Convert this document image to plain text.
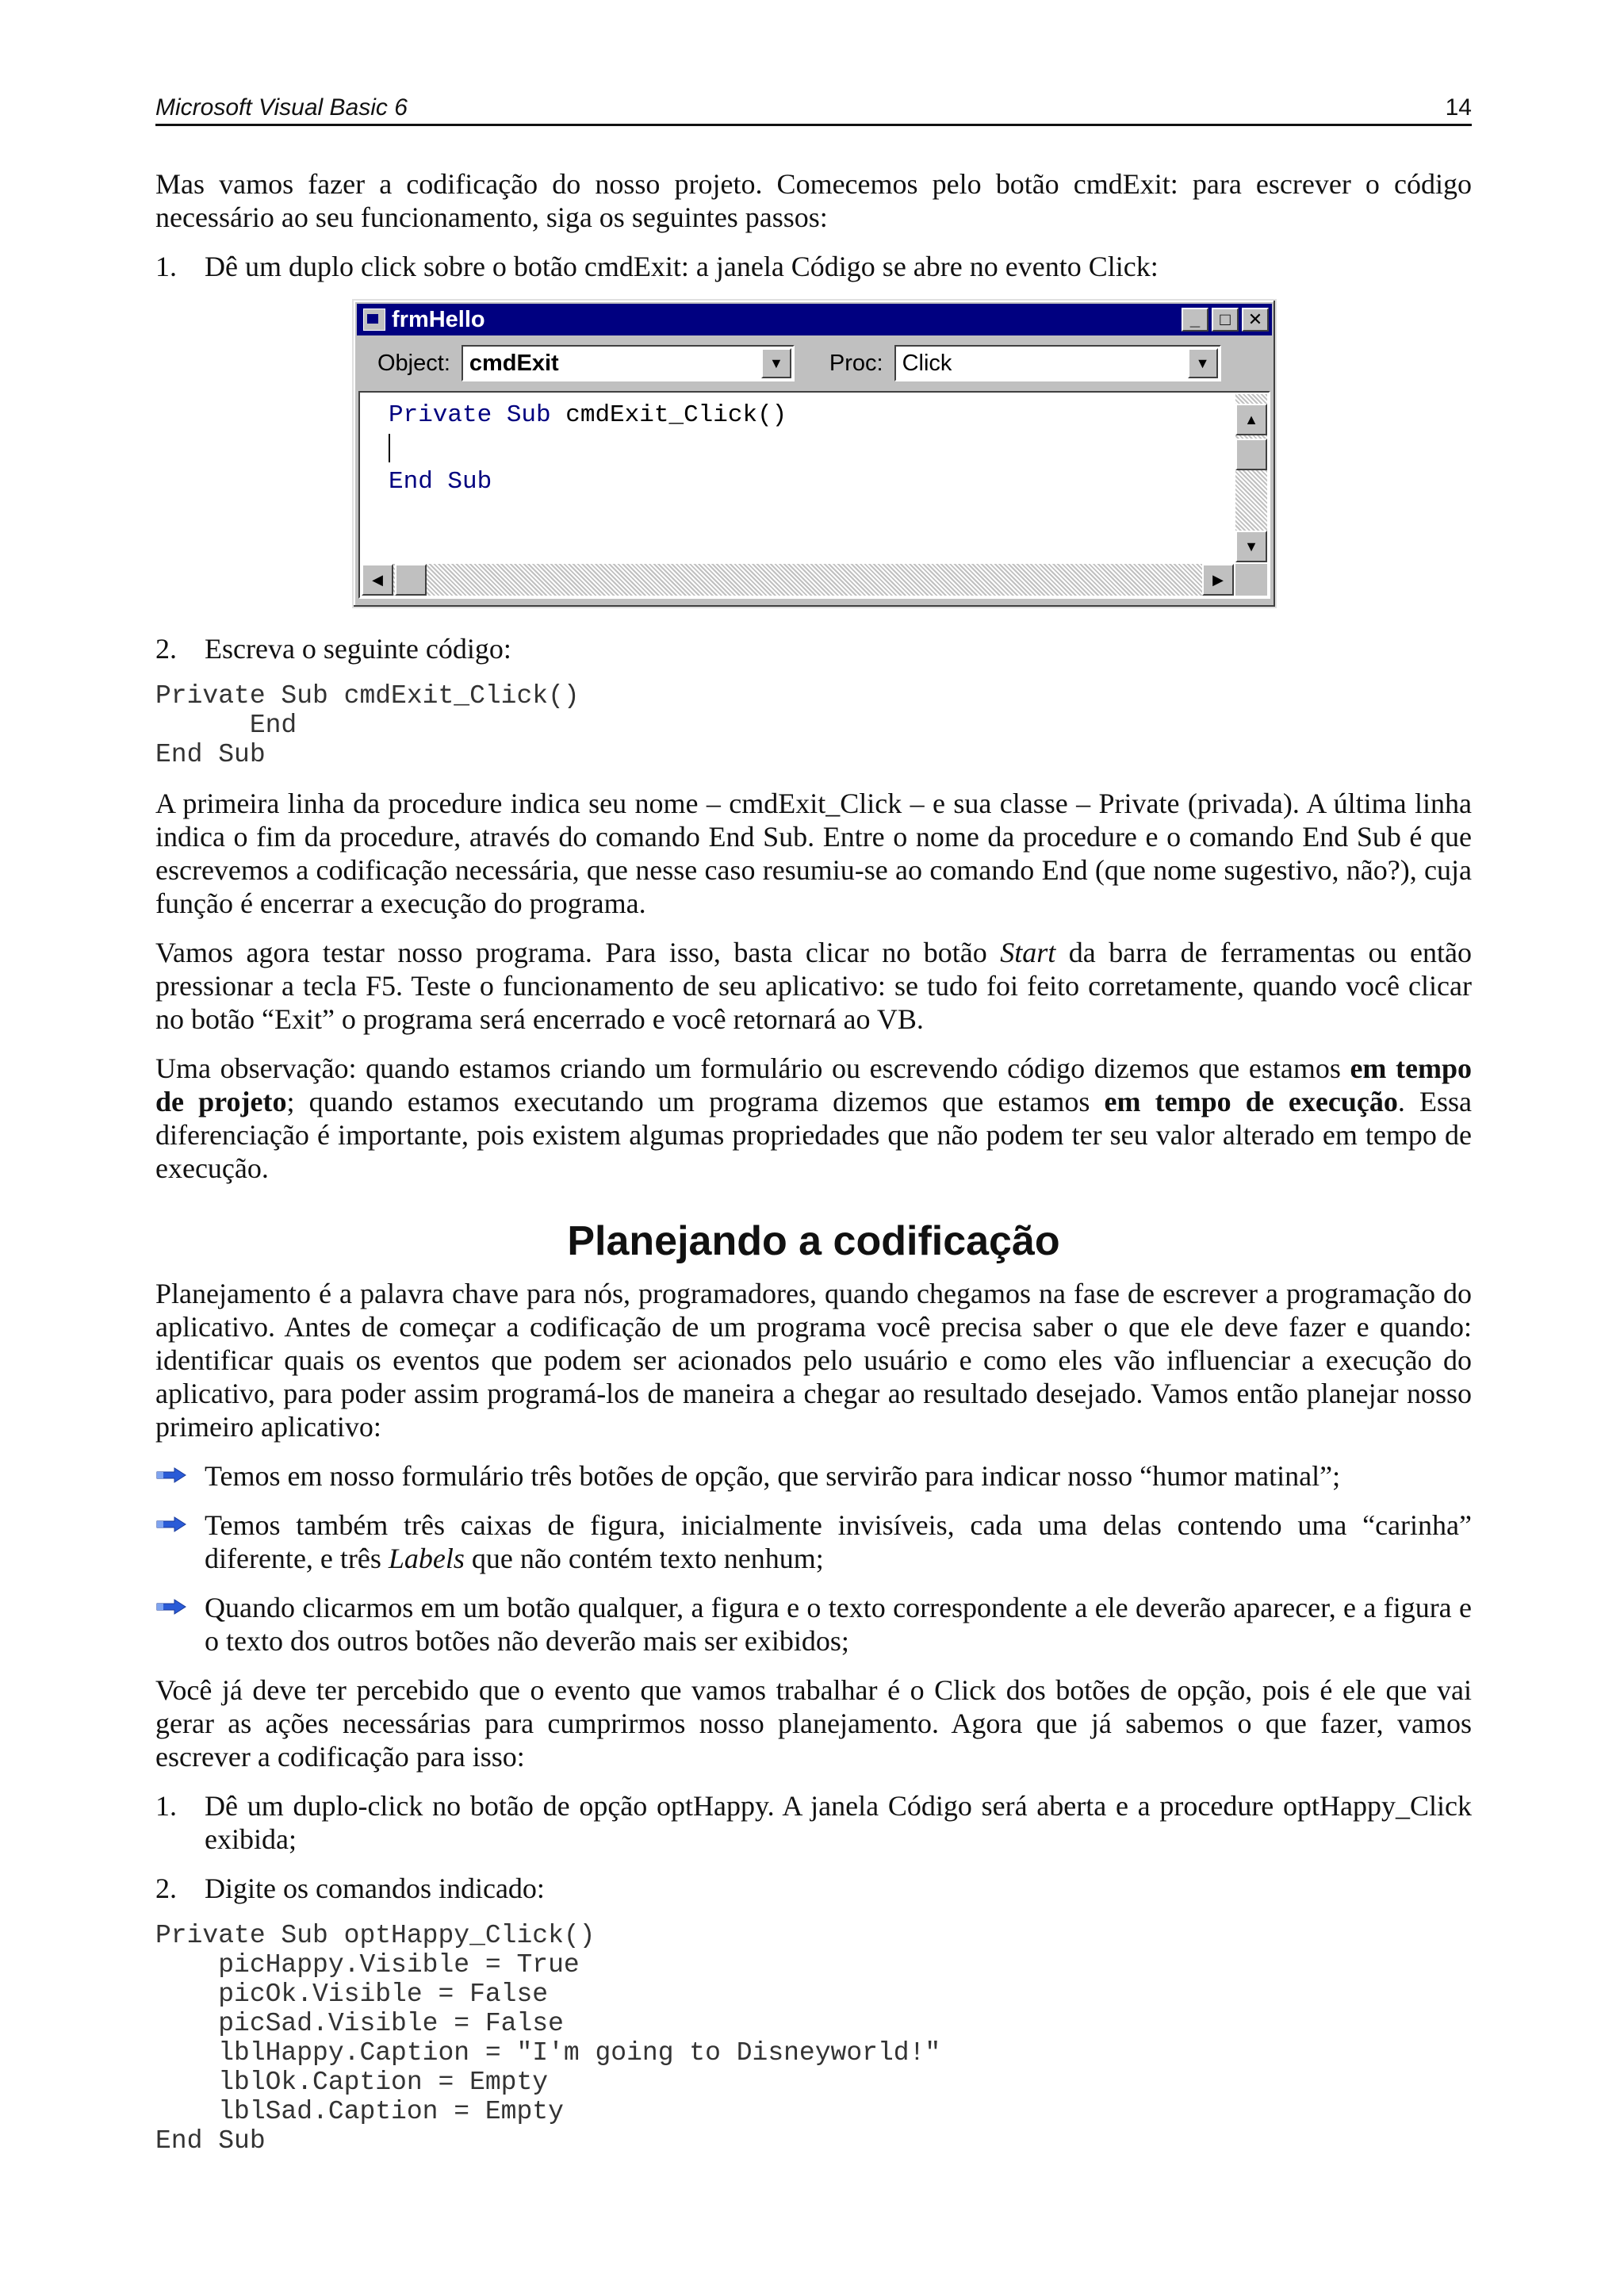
Microsoft Visual Basic 6	14

Mas vamos fazer a codificação do nosso projeto. Comecemos pelo botão cmdExit: para escrever o código necessário ao seu funcionamento, siga os seguintes passos:

1. Dê um duplo click sobre o botão cmdExit: a janela Código se abre no evento Click:
frmHello	_	□	✕
Object: cmdExit	▼	Proc: Click	▼
Private Sub cmdExit_Click()

End Sub
▲
▼
◀	▶
2. Escreva o seguinte código:
Private Sub cmdExit_Click()
End
End Sub

A primeira linha da procedure indica seu nome – cmdExit_Click – e sua classe – Private (privada). A última linha indica o fim da procedure, através do comando End Sub. Entre o nome da procedure e o comando End Sub é que escrevemos a codificação necessária, que nesse caso resumiu-se ao comando End (que nome sugestivo, não?), cuja função é encerrar a execução do programa.

Vamos agora testar nosso programa. Para isso, basta clicar no botão Start da barra de ferramentas ou então pressionar a tecla F5. Teste o funcionamento de seu aplicativo: se tudo foi feito corretamente, quando você clicar no botão “Exit” o programa será encerrado e você retornará ao VB.

Uma observação: quando estamos criando um formulário ou escrevendo código dizemos que estamos em tempo de projeto; quando estamos executando um programa dizemos que estamos em tempo de execução. Essa diferenciação é importante, pois existem algumas propriedades que não podem ter seu valor alterado em tempo de execução.

Planejando a codificação

Planejamento é a palavra chave para nós, programadores, quando chegamos na fase de escrever a programação do aplicativo. Antes de começar a codificação de um programa você precisa saber o que ele deve fazer e quando: identificar quais os eventos que podem ser acionados pelo usuário e como eles vão influenciar a execução do aplicativo, para poder assim programá-los de maneira a chegar ao resultado desejado. Vamos então planejar nosso primeiro aplicativo:

Temos em nosso formulário três botões de opção, que servirão para indicar nosso “humor matinal”;
Temos também três caixas de figura, inicialmente invisíveis, cada uma delas contendo uma “carinha” diferente, e três Labels que não contém texto nenhum;
Quando clicarmos em um botão qualquer, a figura e o texto correspondente a ele deverão aparecer, e a figura e o texto dos outros botões não deverão mais ser exibidos;

Você já deve ter percebido que o evento que vamos trabalhar é o Click dos botões de opção, pois é ele que vai gerar as ações necessárias para cumprirmos nosso planejamento. Agora que já sabemos o que fazer, vamos escrever a codificação para isso:

1. Dê um duplo-click no botão de opção optHappy. A janela Código será aberta e a procedure optHappy_Click exibida;
2. Digite os comandos indicado:
Private Sub optHappy_Click()
picHappy.Visible = True
picOk.Visible = False
picSad.Visible = False
lblHappy.Caption = "I'm going to Disneyworld!"
lblOk.Caption = Empty
lblSad.Caption = Empty
End Sub
